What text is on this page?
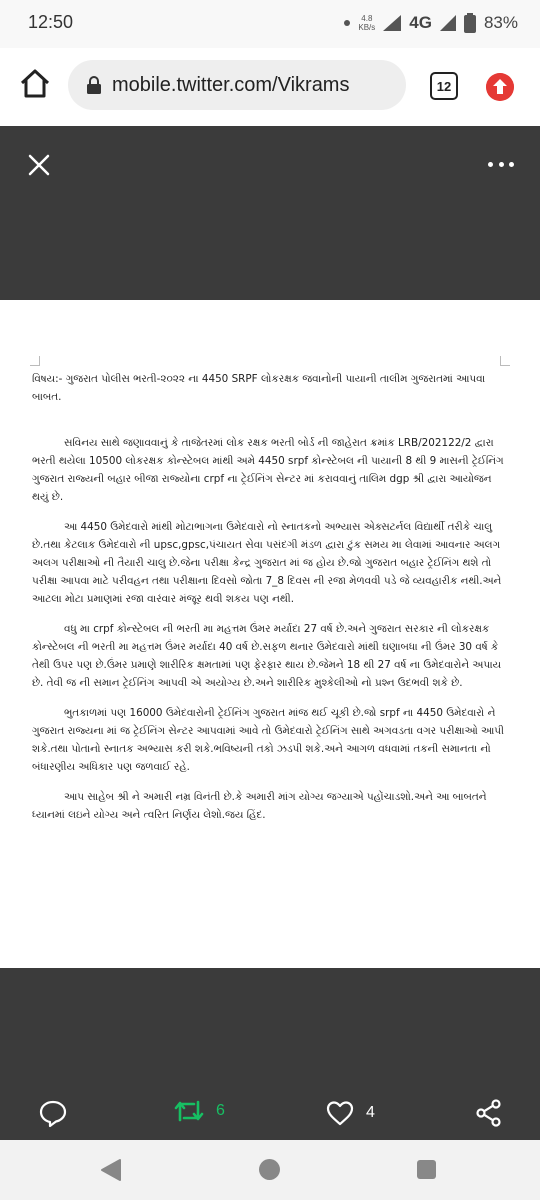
12:50	4.8
KB/s 4G	83%
mobile.twitter.com/Vikrams	12

વિષય:- ગુજરાત પોલીસ ભરતી-૨૦૨૨ ના 4450 SRPF લોકરક્ષક જવાનોની પાયાની તાલીમ ગુજરાતમાં આપવા બાબત.

સવિનય સાથે જણાવવાનું કે તાજેતરમાં લોક રક્ષક ભરતી બોર્ડ ની જાહેરાત ક્રમાંક LRB/202122/2 દ્વારા ભરતી થયેલા 10500 લોકરક્ષક કોન્સ્ટેબલ માંથી અમે 4450 srpf કોન્સ્ટેબલ ની પાયાની 8 થી 9 માસની ટ્રેઈનિંગ ગુજરાત રાજ્યની બહાર બીજા રાજ્યોના crpf ના ટ્રેઈનિંગ સેન્ટર માં કરાવવાનું તાલિમ dgp શ્રી દ્વારા આયોજન થયું છે.

આ 4450 ઉમેદવારો માંથી મોટાભાગના ઉમેદવારો નો સ્નાતકનો અભ્યાસ એક્સટર્નલ વિદ્યાર્થી તરીકે ચાલુ છે.તથા કેટલાક ઉમેદવારો ની upsc,gpsc,પંચાયત સેવા પસંદગી મંડળ દ્વારા ટુંક સમય મા લેવામાં આવનાર અલગ અલગ પરીક્ષાઓ ની તૈયારી ચાલુ છે.જેના પરીક્ષા કેન્દ્ર ગુજરાત માં જ હોય છે.જો ગુજરાત બહાર ટ્રેઈનિંગ થશે તો પરીક્ષા આપવા માટે પરીવહન તથા પરીક્ષાના દિવસો જોતા 7_8 દિવસ ની રજા મેળવવી પડે જે વ્યવહારીક નથી.અને આટલા મોટા પ્રમાણમાં રજા વારંવાર મંજૂર થવી શકય પણ નથી.

વધુ મા crpf કોન્સ્ટેબલ ની ભરતી મા મહત્તમ ઉંમર મર્યાદા 27 વર્ષ છે.અને ગુજરાત સરકાર ની લોકરક્ષક કોન્સ્ટેબલ ની ભરતી મા મહત્તમ ઉંમર મર્યાદા 40 વર્ષ છે.સફળ થનાર ઉમેદવારો માંથી ઘણાબધા ની ઉંમર 30 વર્ષ કે તેથી ઉપર પણ છે.ઉંમર પ્રમાણે શારીરિક ક્ષમતામાં પણ ફેરફાર થાય છે.જેમને 18 થી 27 વર્ષ ના ઉમેદવારોને અપાય છે. તેવી જ ની સમાન ટ્રેઈનિંગ આપવી એ અયોગ્ય છે.અને શારીરિક મુશ્કેલીઓ નો પ્રશ્ન ઉદભવી શકે છે.

ભુતકાળમાં પણ 16000 ઉમેદવારોની ટ્રેઈનિંગ ગુજરાત માંજ થઈ ચૂકી છે.જો srpf ના 4450 ઉમેદવારો ને ગુજરાત રાજ્યના માં જ ટ્રેઈનિંગ સેન્ટર આપવામાં આવે તો ઉમેદવારો ટ્રેઈનિંગ સાથે અગવડતા વગર પરીક્ષાઓ આપી શકે.તથા પોતાનો સ્નાતક અભ્યાસ કરી શકે.ભવિષ્યની તકો ઝડપી શકે.અને આગળ વધવામાં તકની સમાનતા નો બંધારણીય અધિકાર પણ જળવાઈ રહે.

આપ સાહેબ શ્રી ને અમારી નમ્ર વિનંતી છે.કે અમારી માંગ યોગ્ય જગ્યાએ પહોંચાડશો.અને આ બાબતને ધ્યાનમાં લઇને યોગ્ય અને ત્વરિત નિર્ણય લેશો.જય હિંદ.

6	4
